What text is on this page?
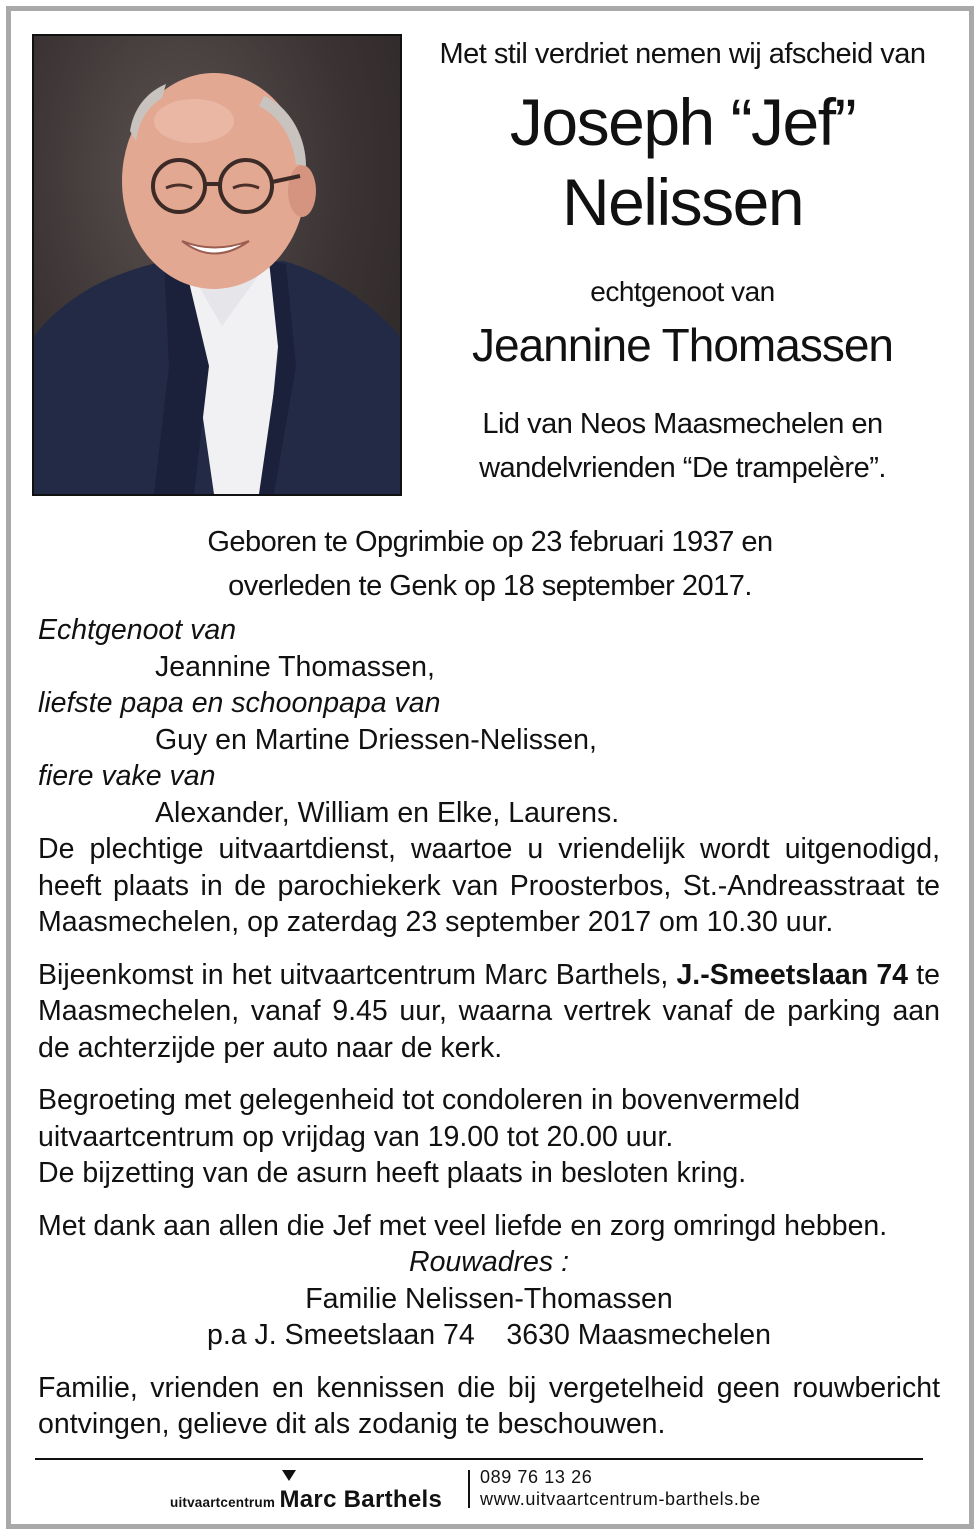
Met stil verdriet nemen wij afscheid van
Joseph “Jef”
Nelissen
echtgenoot van
Jeannine Thomassen
Lid van Neos Maasmechelen en
wandelvrienden “De trampelère”.
Geboren te Opgrimbie op 23 februari 1937 en
overleden te Genk op 18 september 2017.
Echtgenoot van
Jeannine Thomassen,
liefste papa en schoonpapa van
Guy en Martine Driessen-Nelissen,
fiere vake van
Alexander, William en Elke, Laurens.
De plechtige uitvaartdienst, waartoe u vriendelijk wordt uitgenodigd, heeft plaats in de parochiekerk van Proosterbos, St.-Andreasstraat te Maasmechelen, op zaterdag 23 september 2017 om 10.30 uur.
Bijeenkomst in het uitvaartcentrum Marc Barthels, J.-Smeetslaan 74 te Maasmechelen, vanaf 9.45 uur, waarna vertrek vanaf de parking aan de achterzijde per auto naar de kerk.
Begroeting met gelegenheid tot condoleren in bovenvermeld
uitvaartcentrum op vrijdag van 19.00 tot 20.00 uur.
De bijzetting van de asurn heeft plaats in besloten kring.
Met dank aan allen die Jef met veel liefde en zorg omringd hebben.
Rouwadres :
Familie Nelissen-Thomassen
p.a J. Smeetslaan 74    3630 Maasmechelen
Familie, vrienden en kennissen die bij vergetelheid geen rouwbericht ontvingen, gelieve dit als zodanig te beschouwen.
uitvaartcentrum Marc Barthels
089 76 13 26
www.uitvaartcentrum-barthels.be
